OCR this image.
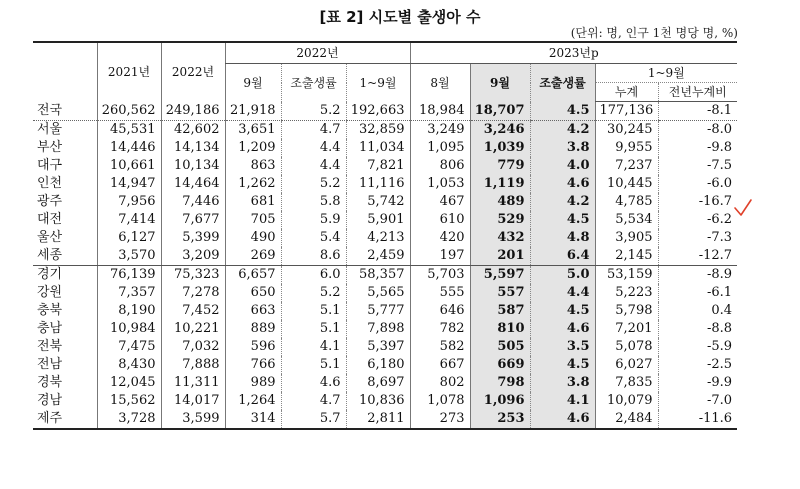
[표 2] 시도별 출생아 수
(단위: 명, 인구 1천 명당 명, %)
	2021년	2022년	2022년			2023년p				
			9월	조출생률	1~9월	8월	9월	조출생률	1~9월	
									누계	전년누계비
전국	260,562	249,186	21,918	5.2	192,663	18,984	18,707	4.5	177,136	-8.1
서울	45,531	42,602	3,651	4.7	32,859	3,249	3,246	4.2	30,245	-8.0
부산	14,446	14,134	1,209	4.4	11,034	1,095	1,039	3.8	9,955	-9.8
대구	10,661	10,134	863	4.4	7,821	806	779	4.0	7,237	-7.5
인천	14,947	14,464	1,262	5.2	11,116	1,053	1,119	4.6	10,445	-6.0
광주	7,956	7,446	681	5.8	5,742	467	489	4.2	4,785	-16.7
대전	7,414	7,677	705	5.9	5,901	610	529	4.5	5,534	-6.2
울산	6,127	5,399	490	5.4	4,213	420	432	4.8	3,905	-7.3
세종	3,570	3,209	269	8.6	2,459	197	201	6.4	2,145	-12.7
경기	76,139	75,323	6,657	6.0	58,357	5,703	5,597	5.0	53,159	-8.9
강원	7,357	7,278	650	5.2	5,565	555	557	4.4	5,223	-6.1
충북	8,190	7,452	663	5.1	5,777	646	587	4.5	5,798	0.4
충남	10,984	10,221	889	5.1	7,898	782	810	4.6	7,201	-8.8
전북	7,475	7,032	596	4.1	5,397	582	505	3.5	5,078	-5.9
전남	8,430	7,888	766	5.1	6,180	667	669	4.5	6,027	-2.5
경북	12,045	11,311	989	4.6	8,697	802	798	3.8	7,835	-9.9
경남	15,562	14,017	1,264	4.7	10,836	1,078	1,096	4.1	10,079	-7.0
제주	3,728	3,599	314	5.7	2,811	273	253	4.6	2,484	-11.6
